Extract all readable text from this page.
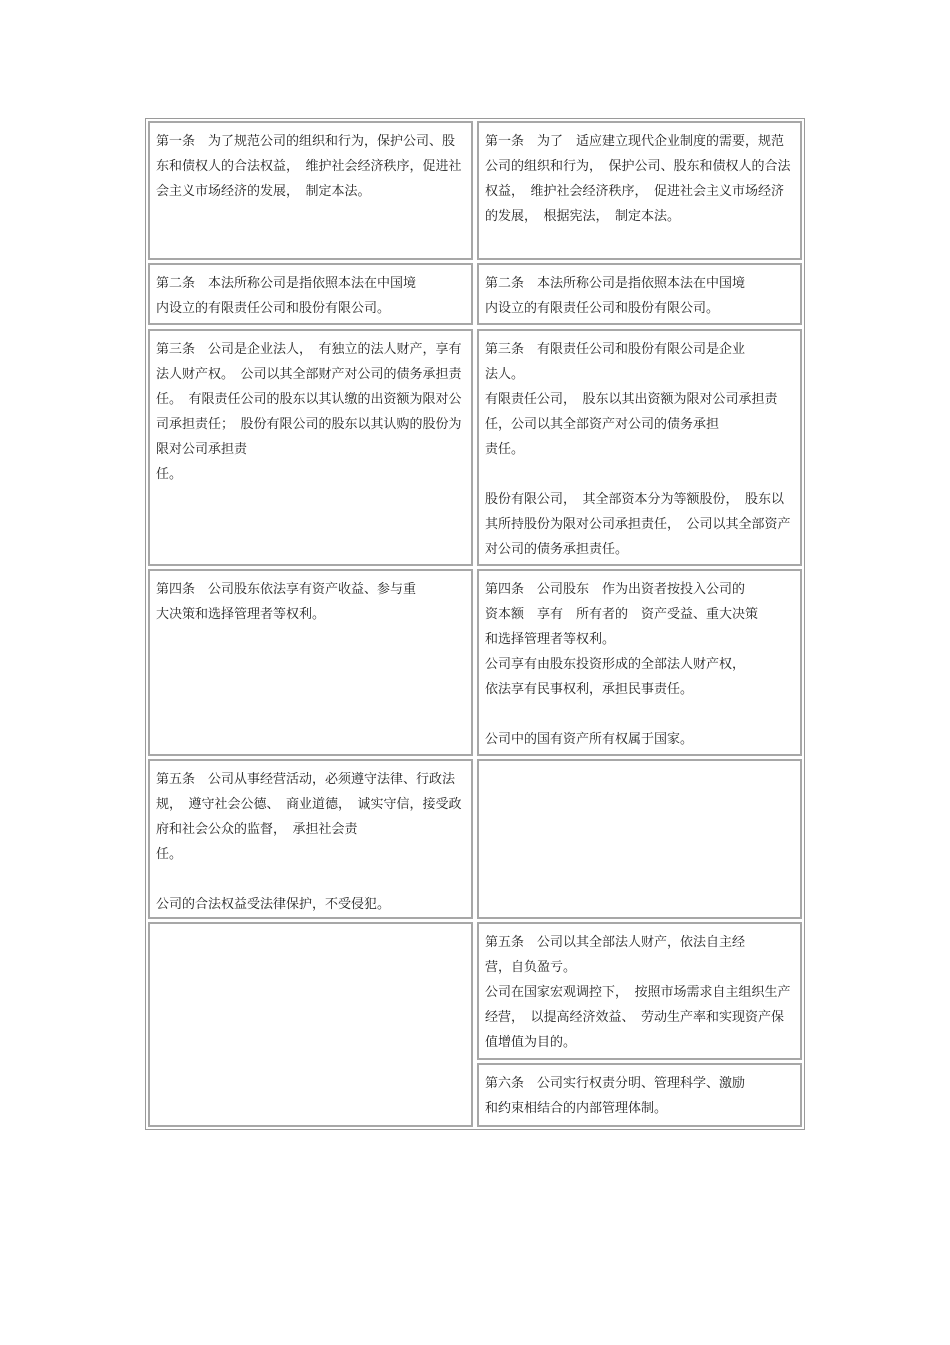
第一条　为了规范公司的组织和行为，保护公司、股东和债权人的合法权益，　维护社会经济秩序，促进社会主义市场经济的发展，　制定本法。

第一条　为了　适应建立现代企业制度的需要，规范公司的组织和行为，　保护公司、股东和债权人的合法权益，　维护社会经济秩序，　促进社会主义市场经济的发展，　根据宪法，　制定本法。

第二条　本法所称公司是指依照本法在中国境
内设立的有限责任公司和股份有限公司。

第二条　本法所称公司是指依照本法在中国境
内设立的有限责任公司和股份有限公司。

第三条　公司是企业法人，　有独立的法人财产，享有法人财产权。　公司以其全部财产对公司的债务承担责任。　有限责任公司的股东以其认缴的出资额为限对公司承担责任；　股份有限公司的股东以其认购的股份为限对公司承担责
任。

第三条　有限责任公司和股份有限公司是企业
法人。

有限责任公司，　股东以其出资额为限对公司承担责任，公司以其全部资产对公司的债务承担
责任。

股份有限公司，　其全部资本分为等额股份，　股东以其所持股份为限对公司承担责任，　公司以其全部资产对公司的债务承担责任。

第四条　公司股东依法享有资产收益、参与重
大决策和选择管理者等权利。

第四条　公司股东　作为出资者按投入公司的
资本额　享有　所有者的　资产受益、重大决策
和选择管理者等权利。

公司享有由股东投资形成的全部法人财产权，
依法享有民事权利，承担民事责任。

公司中的国有资产所有权属于国家。

第五条　公司从事经营活动，必须遵守法律、行政法规，　遵守社会公德、　商业道德，　诚实守信，接受政府和社会公众的监督，　承担社会责
任。

公司的合法权益受法律保护，不受侵犯。

第五条　公司以其全部法人财产，依法自主经
营，自负盈亏。

公司在国家宏观调控下，　按照市场需求自主组织生产经营，　以提高经济效益、　劳动生产率和实现资产保值增值为目的。

第六条　公司实行权责分明、管理科学、激励
和约束相结合的内部管理体制。
